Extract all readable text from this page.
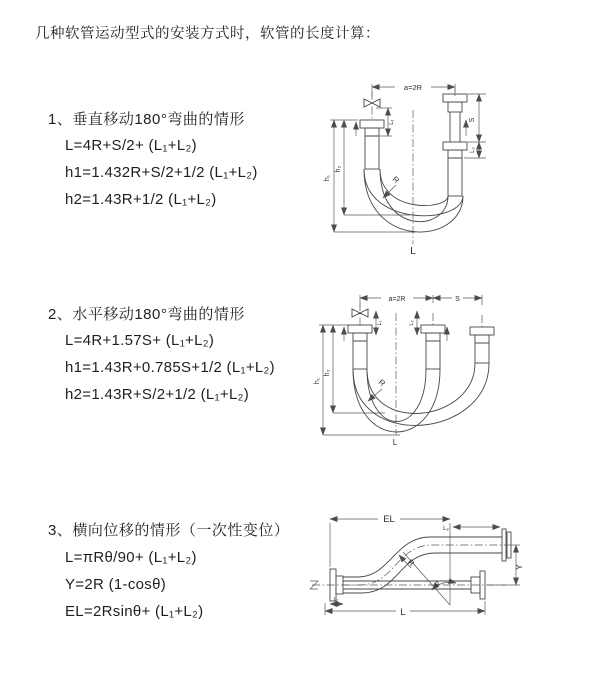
几种软管运动型式的安装方式时，软管的长度计算：
1、垂直移动180°弯曲的情形
L=4R+S/2+ (L₁+L₂)
h1=1.432R+S/2+1/2 (L₁+L₂)
h2=1.43R+1/2 (L₁+L₂)
2、水平移动180°弯曲的情形
L=4R+1.57S+ (L₁+L₂)
h1=1.43R+0.785S+1/2 (L₁+L₂)
h2=1.43R+S/2+1/2 (L₁+L₂)
3、横向位移的情形（一次性变位）
L=πRθ/90+ (L₁+L₂)
Y=2R (1-cosθ)
EL=2Rsinθ+ (L₁+L₂)
a=2R
S
L₂
h₁
h₂
L₁
R
L
a=2R	S
L₁	L₂
h₁
h₂
R
L
EL
L₂
Y
R
θ
L₁
L
